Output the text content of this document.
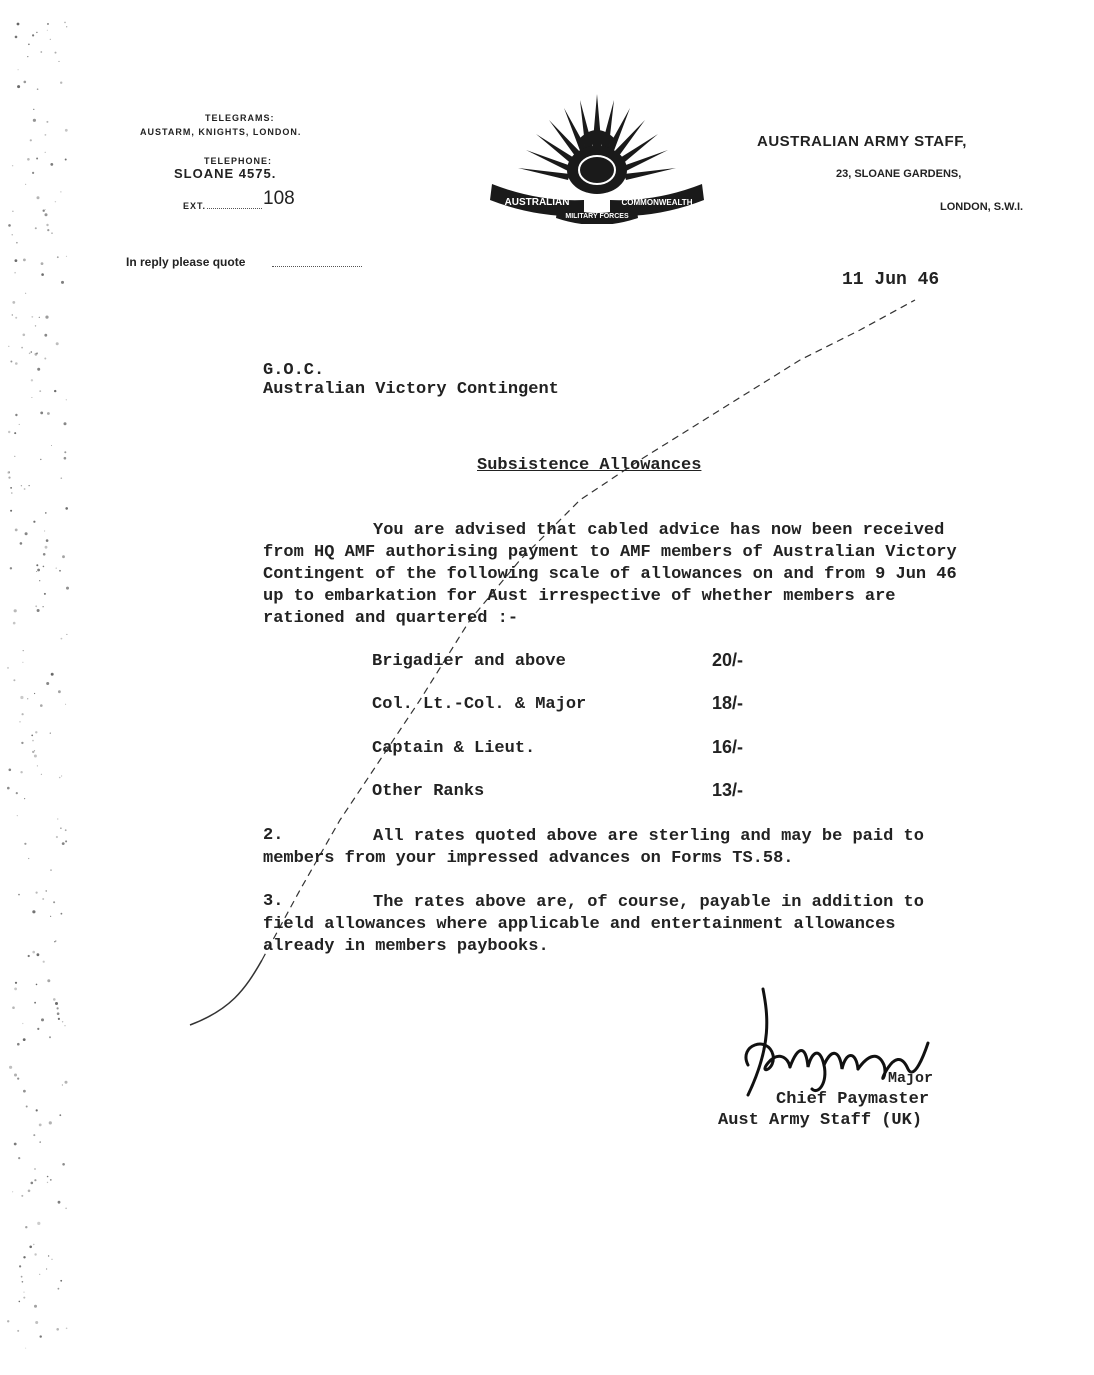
TELEGRAMS:
AUSTARM, KNIGHTS, LONDON.
TELEPHONE:
SLOANE 4575.
EXT.	108
In reply please quote
AUSTRALIAN	COMMONWEALTH
MILITARY FORCES
AUSTRALIAN ARMY STAFF,
23, SLOANE GARDENS,
LONDON, S.W.I.
11 Jun 46
G.O.C.
Australian Victory Contingent
Subsistence Allowances
You are advised that cabled advice has now been received
from HQ AMF authorising payment to AMF members of Australian Victory
Contingent of the following scale of allowances on and from 9 Jun 46
up to embarkation for Aust irrespective of whether members are
rationed and quartered :-
Brigadier and above	20/-
Col. Lt.-Col. & Major	18/-
Captain & Lieut.	16/-
Other Ranks	13/-
2.	All rates quoted above are sterling and may be paid to
members from your impressed advances on Forms TS.58.
3.	The rates above are, of course, payable in addition to
field allowances where applicable and entertainment allowances
already in members paybooks.
Major
Chief Paymaster
Aust Army Staff (UK)
